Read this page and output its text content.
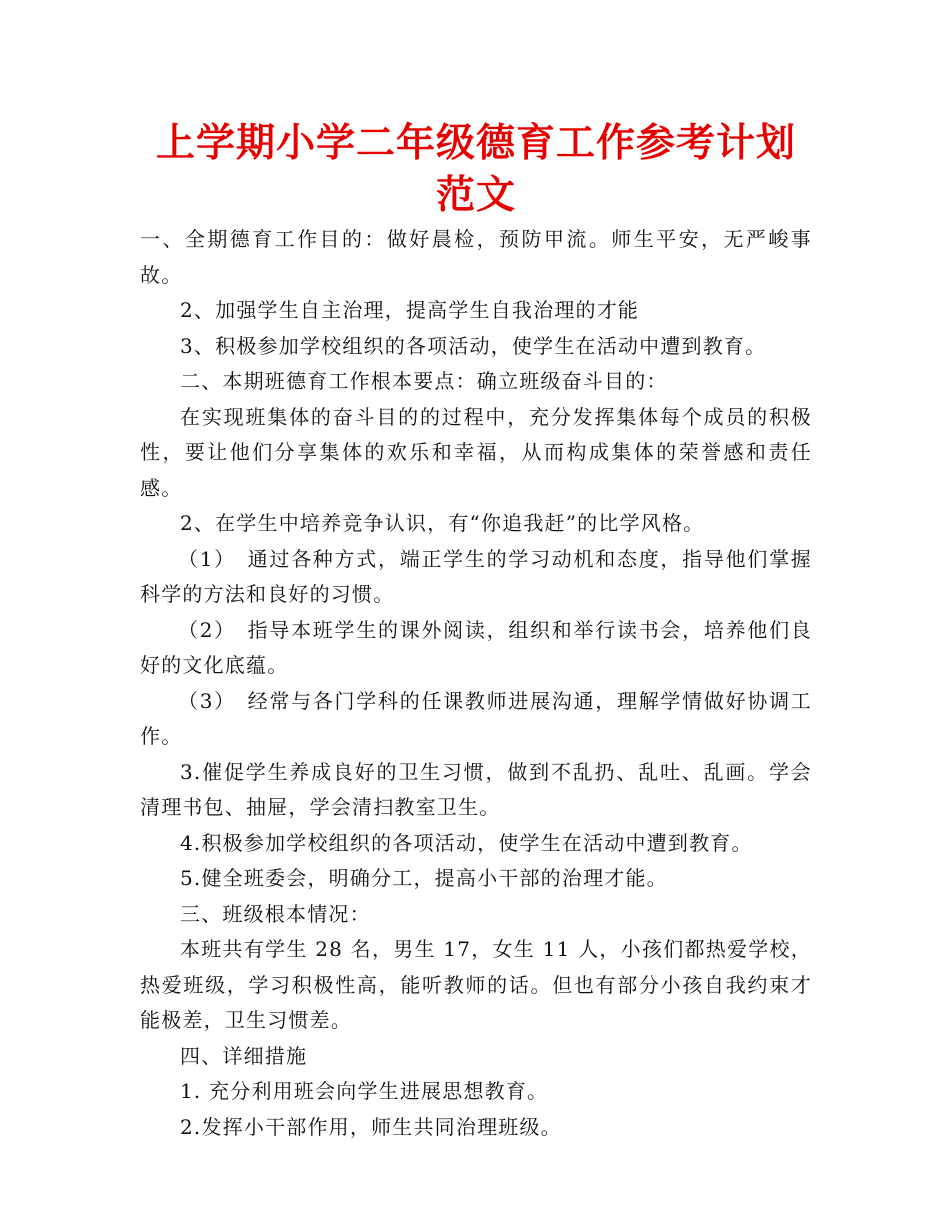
上学期小学二年级德育工作参考计划范文

一、全期德育工作目的：做好晨检，预防甲流。师生平安，无严峻事故。

2、加强学生自主治理，提高学生自我治理的才能

3、积极参加学校组织的各项活动，使学生在活动中遭到教育。

二、本期班德育工作根本要点：确立班级奋斗目的：

在实现班集体的奋斗目的的过程中，充分发挥集体每个成员的积极性，要让他们分享集体的欢乐和幸福，从而构成集体的荣誉感和责任感。

2、在学生中培养竞争认识，有“你追我赶”的比学风格。

（1）　通过各种方式，端正学生的学习动机和态度，指导他们掌握科学的方法和良好的习惯。

（2）　指导本班学生的课外阅读，组织和举行读书会，培养他们良好的文化底蕴。

（3）　经常与各门学科的任课教师进展沟通，理解学情做好协调工作。

3.催促学生养成良好的卫生习惯，做到不乱扔、乱吐、乱画。学会清理书包、抽屉，学会清扫教室卫生。

4.积极参加学校组织的各项活动，使学生在活动中遭到教育。

5.健全班委会，明确分工，提高小干部的治理才能。

三、班级根本情况：

本班共有学生 28 名，男生 17，女生 11 人，小孩们都热爱学校，热爱班级，学习积极性高，能听教师的话。但也有部分小孩自我约束才能极差，卫生习惯差。

四、详细措施

1. 充分利用班会向学生进展思想教育。

2.发挥小干部作用，师生共同治理班级。
